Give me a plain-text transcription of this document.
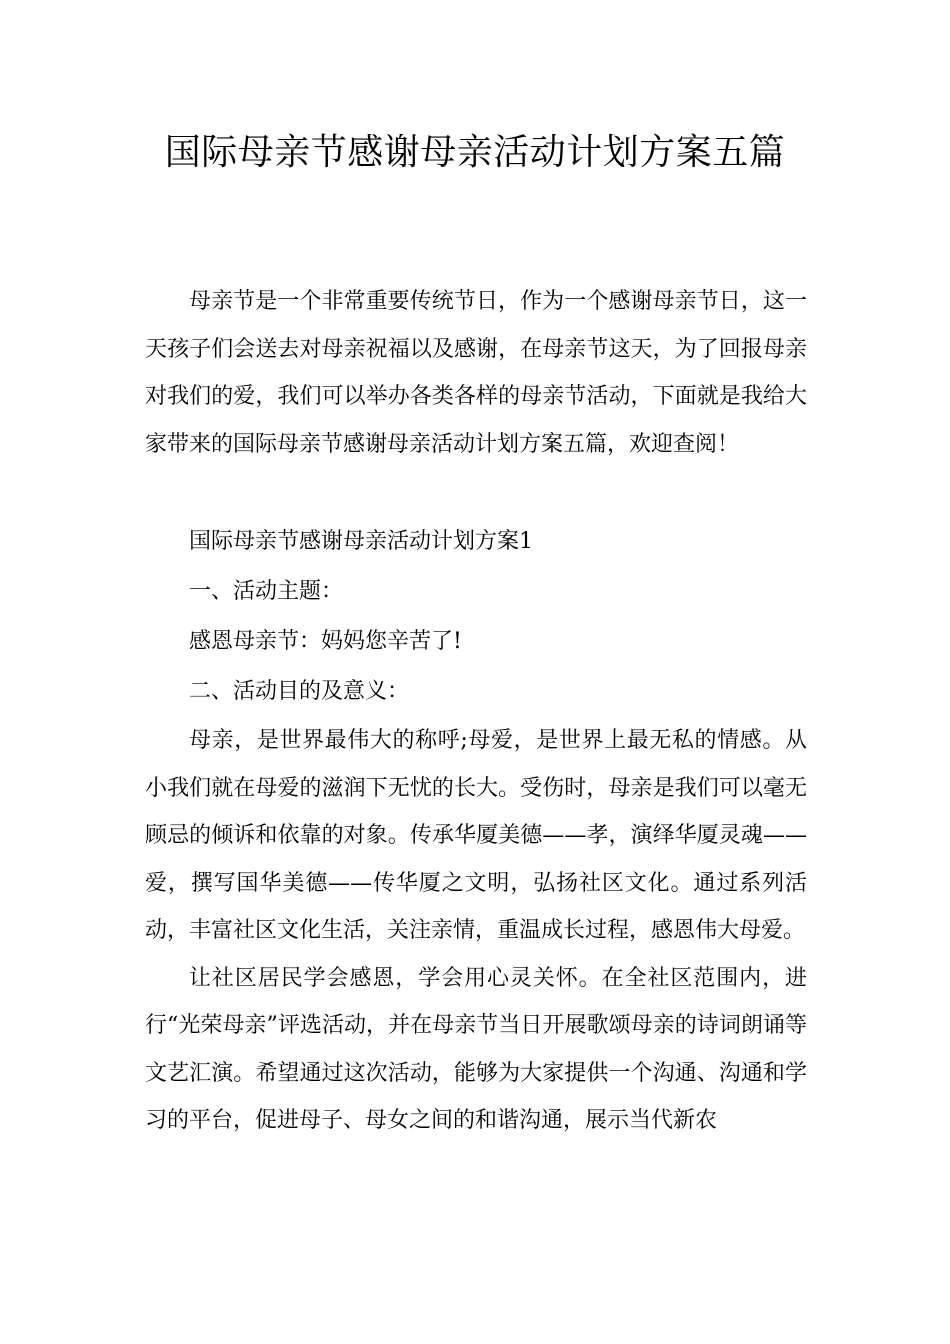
国际母亲节感谢母亲活动计划方案五篇

母亲节是一个非常重要传统节日，作为一个感谢母亲节日，这一天孩子们会送去对母亲祝福以及感谢，在母亲节这天，为了回报母亲对我们的爱，我们可以举办各类各样的母亲节活动，下面就是我给大家带来的国际母亲节感谢母亲活动计划方案五篇，欢迎查阅！

国际母亲节感谢母亲活动计划方案1

一、活动主题：

感恩母亲节：妈妈您辛苦了!

二、活动目的及意义：

母亲，是世界最伟大的称呼;母爱，是世界上最无私的情感。从小我们就在母爱的滋润下无忧的长大。受伤时，母亲是我们可以毫无顾忌的倾诉和依靠的对象。传承华厦美德——孝，演绎华厦灵魂——爱，撰写国华美德——传华厦之文明，弘扬社区文化。通过系列活动，丰富社区文化生活，关注亲情，重温成长过程，感恩伟大母爱。

让社区居民学会感恩，学会用心灵关怀。在全社区范围内，进行“光荣母亲”评选活动，并在母亲节当日开展歌颂母亲的诗词朗诵等文艺汇演。希望通过这次活动，能够为大家提供一个沟通、沟通和学习的平台，促进母子、母女之间的和谐沟通，展示当代新农
